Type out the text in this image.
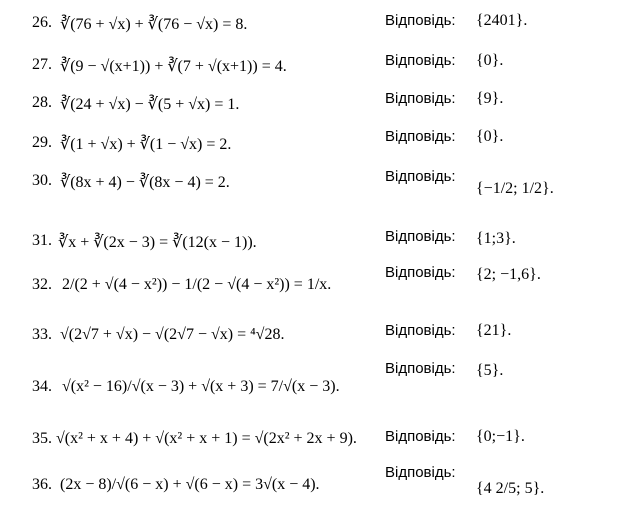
26. ∛(76 + √x) + ∛(76 − √x) = 8.	Відповідь: {2401}.
27. ∛(9 − √(x+1)) + ∛(7 + √(x+1)) = 4.	Відповідь: {0}.
28. ∛(24 + √x) − ∛(5 + √x) = 1.	Відповідь: {9}.
29. ∛(1 + √x) + ∛(1 − √x) = 2.	Відповідь: {0}.
30. ∛(8x + 4) − ∛(8x − 4) = 2.	Відповідь:
{−1/2; 1/2}.
31. ∛x + ∛(2x − 3) = ∛(12(x − 1)).	Відповідь: {1;3}.
32. 2/(2 + √(4 − x²)) − 1/(2 − √(4 − x²)) = 1/x.
Відповідь: {2; −1,6}.
33. √(2√7 + √x) − √(2√7 − √x) = ⁴√28.	Відповідь: {21}.
34. √(x² − 16)/√(x − 3) + √(x + 3) = 7/√(x − 3).
Відповідь: {5}.
35. √(x² + x + 4) + √(x² + x + 1) = √(2x² + 2x + 9). Відповідь: {0;−1}.
36. (2x − 8)/√(6 − x) + √(6 − x) = 3√(x − 4).
Відповідь:
{4 2/5; 5}.
